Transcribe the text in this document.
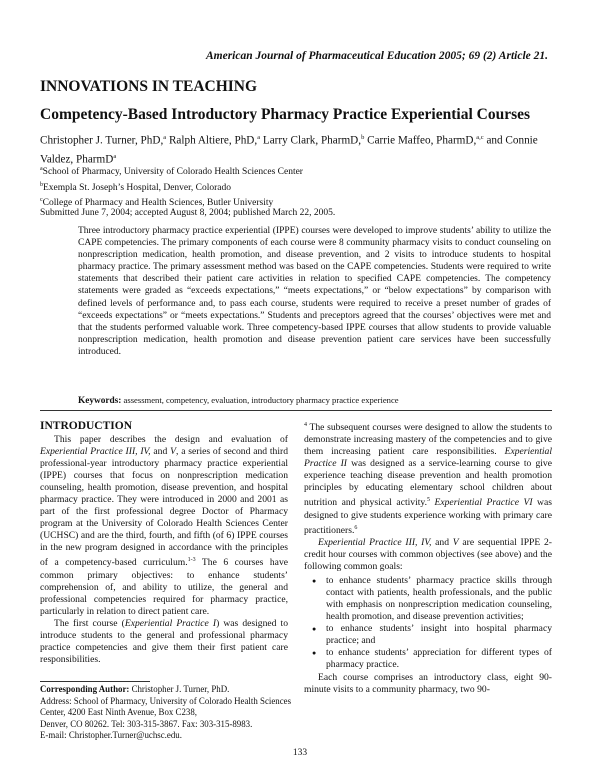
American Journal of Pharmaceutical Education 2005; 69 (2) Article 21.
INNOVATIONS IN TEACHING
Competency-Based Introductory Pharmacy Practice Experiential Courses
Christopher J. Turner, PhD,$^a$ Ralph Altiere, PhD,$^a$ Larry Clark, PharmD,$^b$ Carrie Maffeo, PharmD,$^{a,c}$ and Connie Valdez, PharmD$^a$
$^a$School of Pharmacy, University of Colorado Health Sciences Center
$^b$Exempla St. Joseph’s Hospital, Denver, Colorado
$^c$College of Pharmacy and Health Sciences, Butler University
Submitted June 7, 2004; accepted August 8, 2004; published March 22, 2005.
Three introductory pharmacy practice experiential (IPPE) courses were developed to improve students’ ability to utilize the CAPE competencies. The primary components of each course were 8 community pharmacy visits to conduct counseling on nonprescription medication, health promotion, and disease prevention, and 2 visits to introduce students to hospital pharmacy practice. The primary assessment method was based on the CAPE competencies. Students were required to write statements that described their patient care activities in relation to specified CAPE competencies. The competency statements were graded as “exceeds expectations,” “meets expectations,” or “below expectations” by comparison with defined levels of performance and, to pass each course, students were required to receive a preset number of grades of “exceeds expectations” or “meets expectations.” Students and preceptors agreed that the courses’ objectives were met and that the students performed valuable work. Three competency-based IPPE courses that allow students to provide valuable nonprescription medication, health promotion and disease prevention patient care services have been successfully introduced.
Keywords: assessment, competency, evaluation, introductory pharmacy practice experience
INTRODUCTION

This paper describes the design and evaluation of Experiential Practice III, IV, and V, a series of second and third professional-year introductory pharmacy practice experiential (IPPE) courses that focus on nonprescription medication counseling, health promotion, disease prevention, and hospital pharmacy practice. They were introduced in 2000 and 2001 as part of the first professional degree Doctor of Pharmacy program at the University of Colorado Health Sciences Center (UCHSC) and are the third, fourth, and fifth (of 6) IPPE courses in the new program designed in accordance with the principles of a competency-based curriculum.$^{1-3}$ The 6 courses have common primary objectives: to enhance students’ comprehension of, and ability to utilize, the general and professional competencies required for pharmacy practice, particularly in relation to direct patient care.

The first course (Experiential Practice I) was designed to introduce students to the general and professional pharmacy practice competencies and give them their first patient care responsibilities.

$^4$ The subsequent courses were designed to allow the students to demonstrate increasing mastery of the competencies and to give them increasing patient care responsibilities. Experiential Practice II was designed as a service-learning course to give experience teaching disease prevention and health promotion principles by educating elementary school children about nutrition and physical activity.$^5$ Experiential Practice VI was designed to give students experience working with primary care practitioners.$^6$

Experiential Practice III, IV, and V are sequential IPPE 2-credit hour courses with common objectives (see above) and the following common goals:

● to enhance students’ pharmacy practice skills through contact with patients, health professionals, and the public with emphasis on nonprescription medication counseling, health promotion, and disease prevention activities;
● to enhance students’ insight into hospital pharmacy practice; and
● to enhance students’ appreciation for different types of pharmacy practice.

Each course comprises an introductory class, eight 90-minute visits to a community pharmacy, two 90-

Corresponding Author: Christopher J. Turner, PhD.
Address: School of Pharmacy, University of Colorado Health Sciences Center, 4200 East Ninth Avenue, Box C238,
Denver, CO 80262. Tel: 303-315-3867. Fax: 303-315-8983.
E-mail: Christopher.Turner@uchsc.edu.
133
